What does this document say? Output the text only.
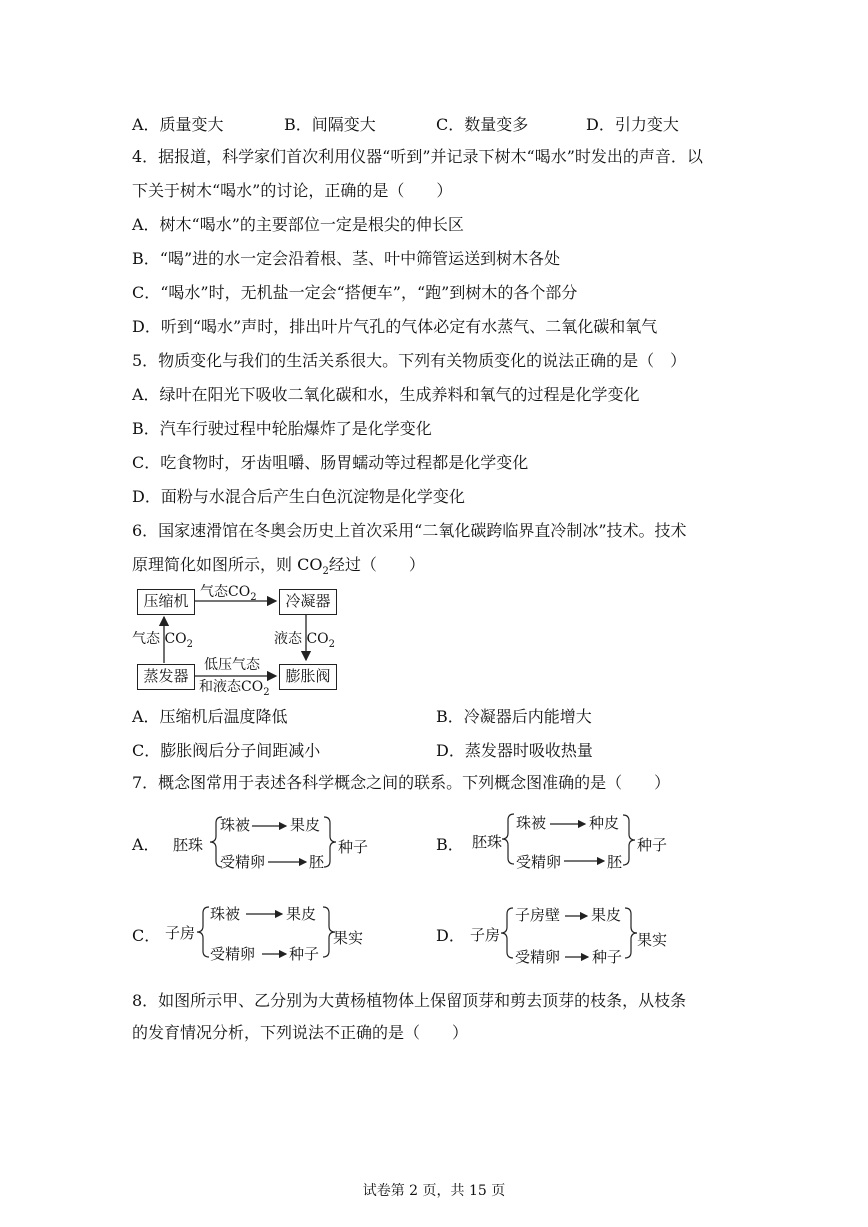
A．质量变大	B．间隔变大	C．数量变多	D．引力变大
4．据报道，科学家们首次利用仪器“听到”并记录下树木“喝水”时发出的声音．以
下关于树木“喝水”的讨论，正确的是（　　）
A．树木“喝水”的主要部位一定是根尖的伸长区
B．“喝”进的水一定会沿着根、茎、叶中筛管运送到树木各处
C．“喝水”时，无机盐一定会“搭便车”，“跑”到树木的各个部分
D．听到“喝水”声时，排出叶片气孔的气体必定有水蒸气、二氧化碳和氧气
5．物质变化与我们的生活关系很大。下列有关物质变化的说法正确的是（　）
A．绿叶在阳光下吸收二氧化碳和水，生成养料和氧气的过程是化学变化
B．汽车行驶过程中轮胎爆炸了是化学变化
C．吃食物时，牙齿咀嚼、肠胃蠕动等过程都是化学变化
D．面粉与水混合后产生白色沉淀物是化学变化
6．国家速滑馆在冬奥会历史上首次采用“二氧化碳跨临界直冷制冰”技术。技术
原理简化如图所示，则 $CO_2$经过（　　）
压缩机	冷凝器
蒸发器	膨胀阀
气态$CO_2$
液态 $CO_2$
气态 $CO_2$
低压气态
和液态$CO_2$
A．压缩机后温度降低	B．冷凝器后内能增大
C．膨胀阀后分子间距减小	D．蒸发器时吸收热量
7．概念图常用于表述各科学概念之间的联系。下列概念图准确的是（　　）
A． 胚珠
珠被	果皮
受精卵	胚
种子	B． 胚珠
珠被	种皮
受精卵	胚
种子
C． 子房
珠被	果皮
受精卵 种子
果实	D． 子房
子房壁 果皮
受精卵 种子
果实
8．如图所示甲、乙分别为大黄杨植物体上保留顶芽和剪去顶芽的枝条，从枝条
的发育情况分析，下列说法不正确的是（　　）
试卷第 2 页，共 15 页
